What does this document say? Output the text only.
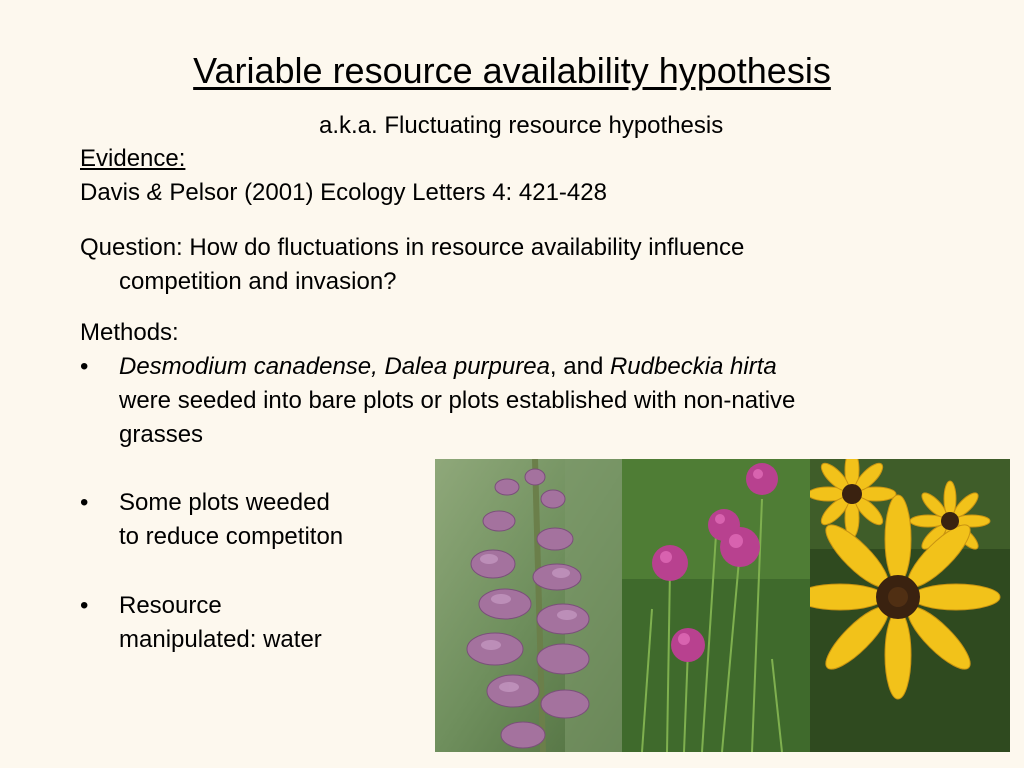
Variable resource availability hypothesis
a.k.a. Fluctuating resource hypothesis
Evidence:
Davis & Pelsor (2001) Ecology Letters 4: 421-428
Question: How do fluctuations in resource availability influence
competition and invasion?
Methods:
• Desmodium canadense, Dalea purpurea, and Rudbeckia hirta
were seeded into bare plots or plots established with non-native
grasses
• Some plots weeded
to reduce competiton
• Resource
manipulated: water
